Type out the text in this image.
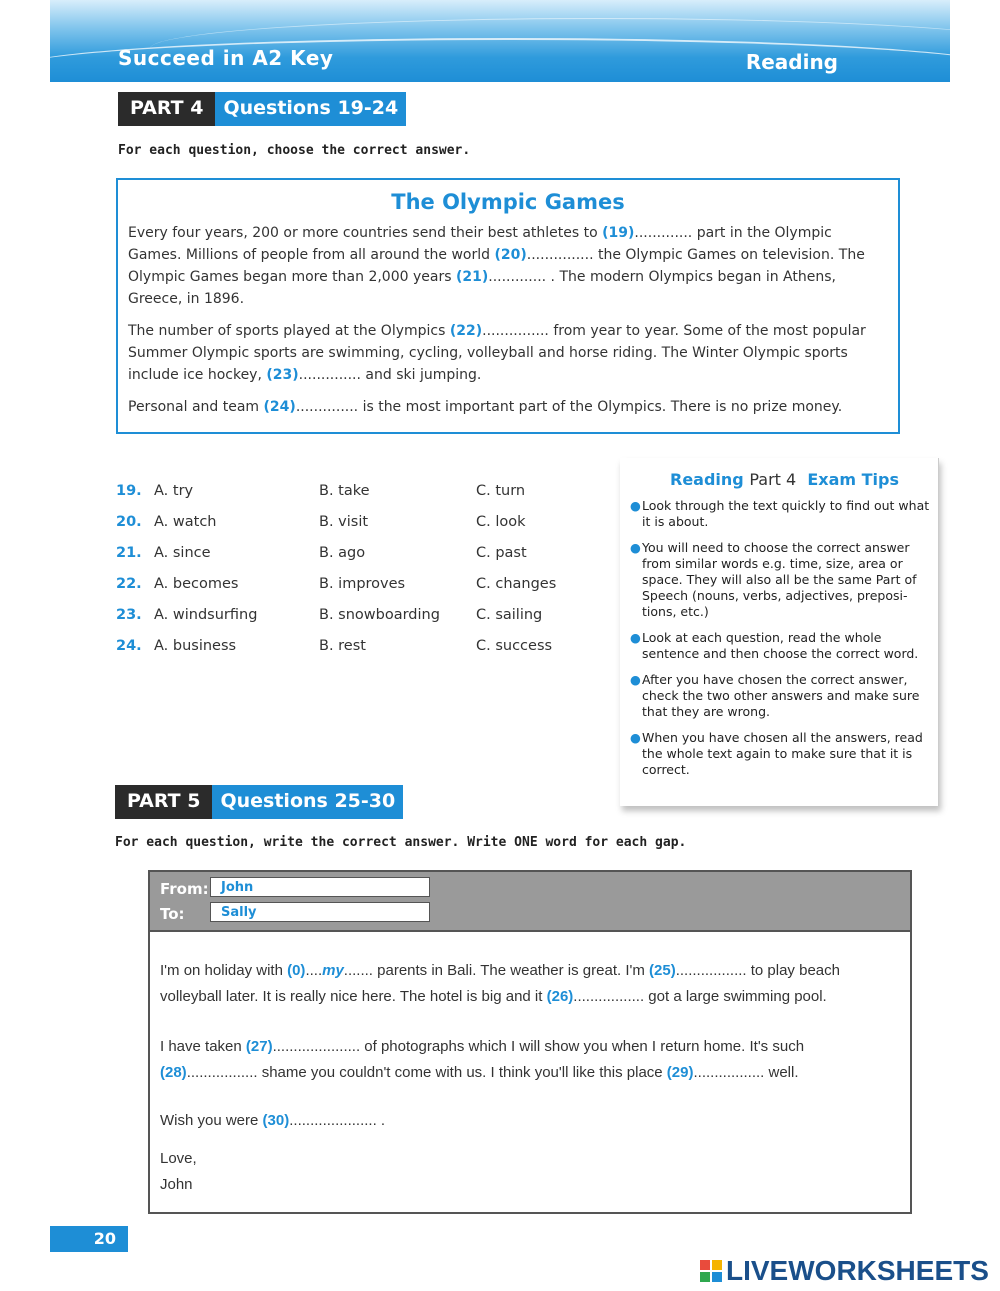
Succeed in A2 Key	Reading
PART 4	Questions 19-24
For each question, choose the correct answer.
The Olympic Games

Every four years, 200 or more countries send their best athletes to (19)............. part in the Olympic Games. Millions of people from all around the world (20)............... the Olympic Games on television. The Olympic Games began more than 2,000 years (21)............. . The modern Olympics began in Athens, Greece, in 1896.

The number of sports played at the Olympics (22)............... from year to year. Some of the most popular Summer Olympic sports are swimming, cycling, volleyball and horse riding. The Winter Olympic sports include ice hockey, (23).............. and ski jumping.

Personal and team (24).............. is the most important part of the Olympics. There is no prize money.

19. A. try	B. take	C. turn
20. A. watch	B. visit	C. look
21. A. since	B. ago	C. past
22. A. becomes	B. improves	C. changes
23. A. windsurfing	B. snowboarding C. sailing
24. A. business	B. rest	C. success
Reading Part 4 Exam Tips
● Look through the text quickly to find out what it is about.
● You will need to choose the correct answer from similar words e.g. time, size, area or space. They will also all be the same Part of Speech (nouns, verbs, adjectives, preposi-tions, etc.)
● Look at each question, read the whole sentence and then choose the correct word.
● After you have chosen the correct answer, check the two other answers and make sure that they are wrong.
● When you have chosen all the answers, read the whole text again to make sure that it is correct.
PART 5	Questions 25-30
For each question, write the correct answer. Write ONE word for each gap.
From: John
To:	Sally

I'm on holiday with (0)....my....... parents in Bali. The weather is great. I'm (25)................. to play beach volleyball later. It is really nice here. The hotel is big and it (26)................. got a large swimming pool.

I have taken (27)..................... of photographs which I will show you when I return home. It's such (28)................. shame you couldn't come with us. I think you'll like this place (29)................. well.

Wish you were (30)..................... .

Love,

John

20
LIVEWORKSHEETS
